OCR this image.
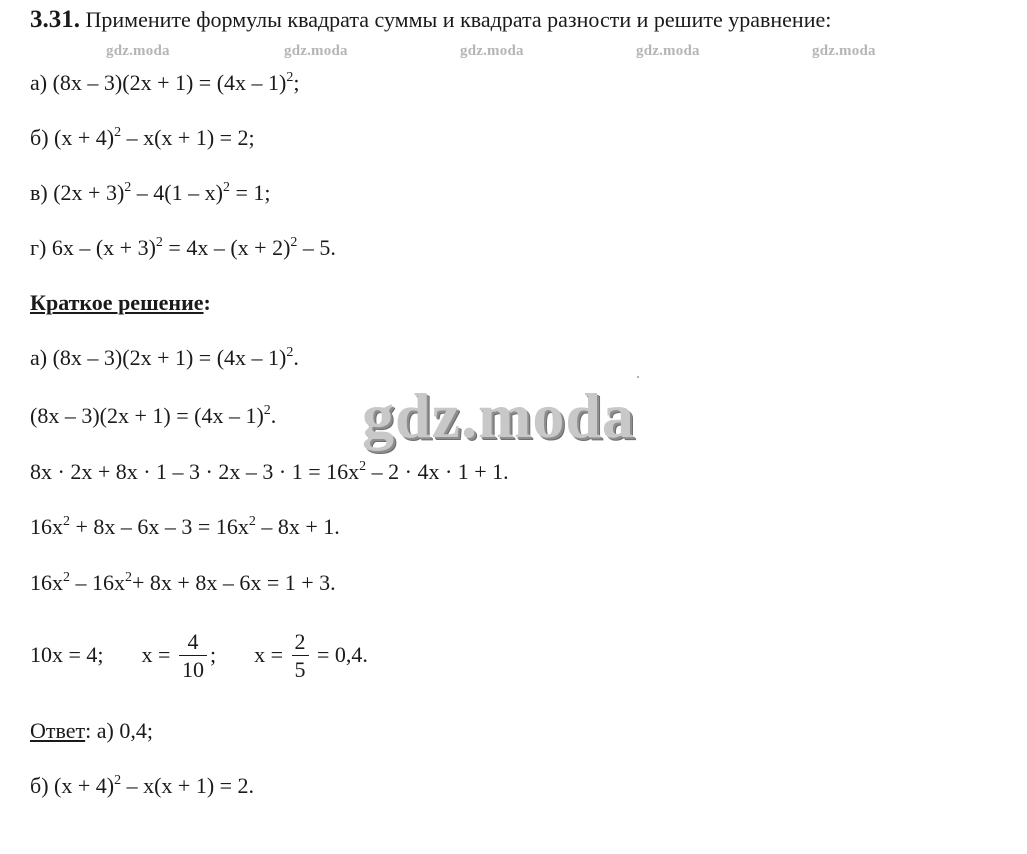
3.31. Примените формулы квадрата суммы и квадрата разности и решите уравнение:
gdz.moda	gdz.moda	gdz.moda	gdz.moda	gdz.moda
а) (8x – 3)(2x + 1) = (4x – 1)$^2$;
б) $(x + 4)^2 - x(x + 1) = 2$;
в) $(2x + 3)^2 - 4(1 - x)^2 = 1$;
г) $6x - (x + 3)^2 = 4x - (x + 2)^2 - 5$.
Краткое решение:
а) (8x – 3)(2x + 1) = (4x – 1)$^2$.
(8x – 3)(2x + 1) = (4x – 1)$^2$. gdz.moda
$8x \cdot 2x + 8x \cdot 1 - 3 \cdot 2x - 3 \cdot 1 = 16x^2 - 2 \cdot 4x \cdot 1 + 1$.
$16x^2 + 8x - 6x - 3 = 16x^2 - 8x + 1$.
$16x^2 - 16x^2+ 8x + 8x - 6x = 1 + 3$.
10x = 4; $x = \frac{4}{10}$ ; $x = \frac{2}{5} = 0,4$.
Ответ: а) 0,4;
б) $(x + 4)^2 - x(x + 1) = 2$.
